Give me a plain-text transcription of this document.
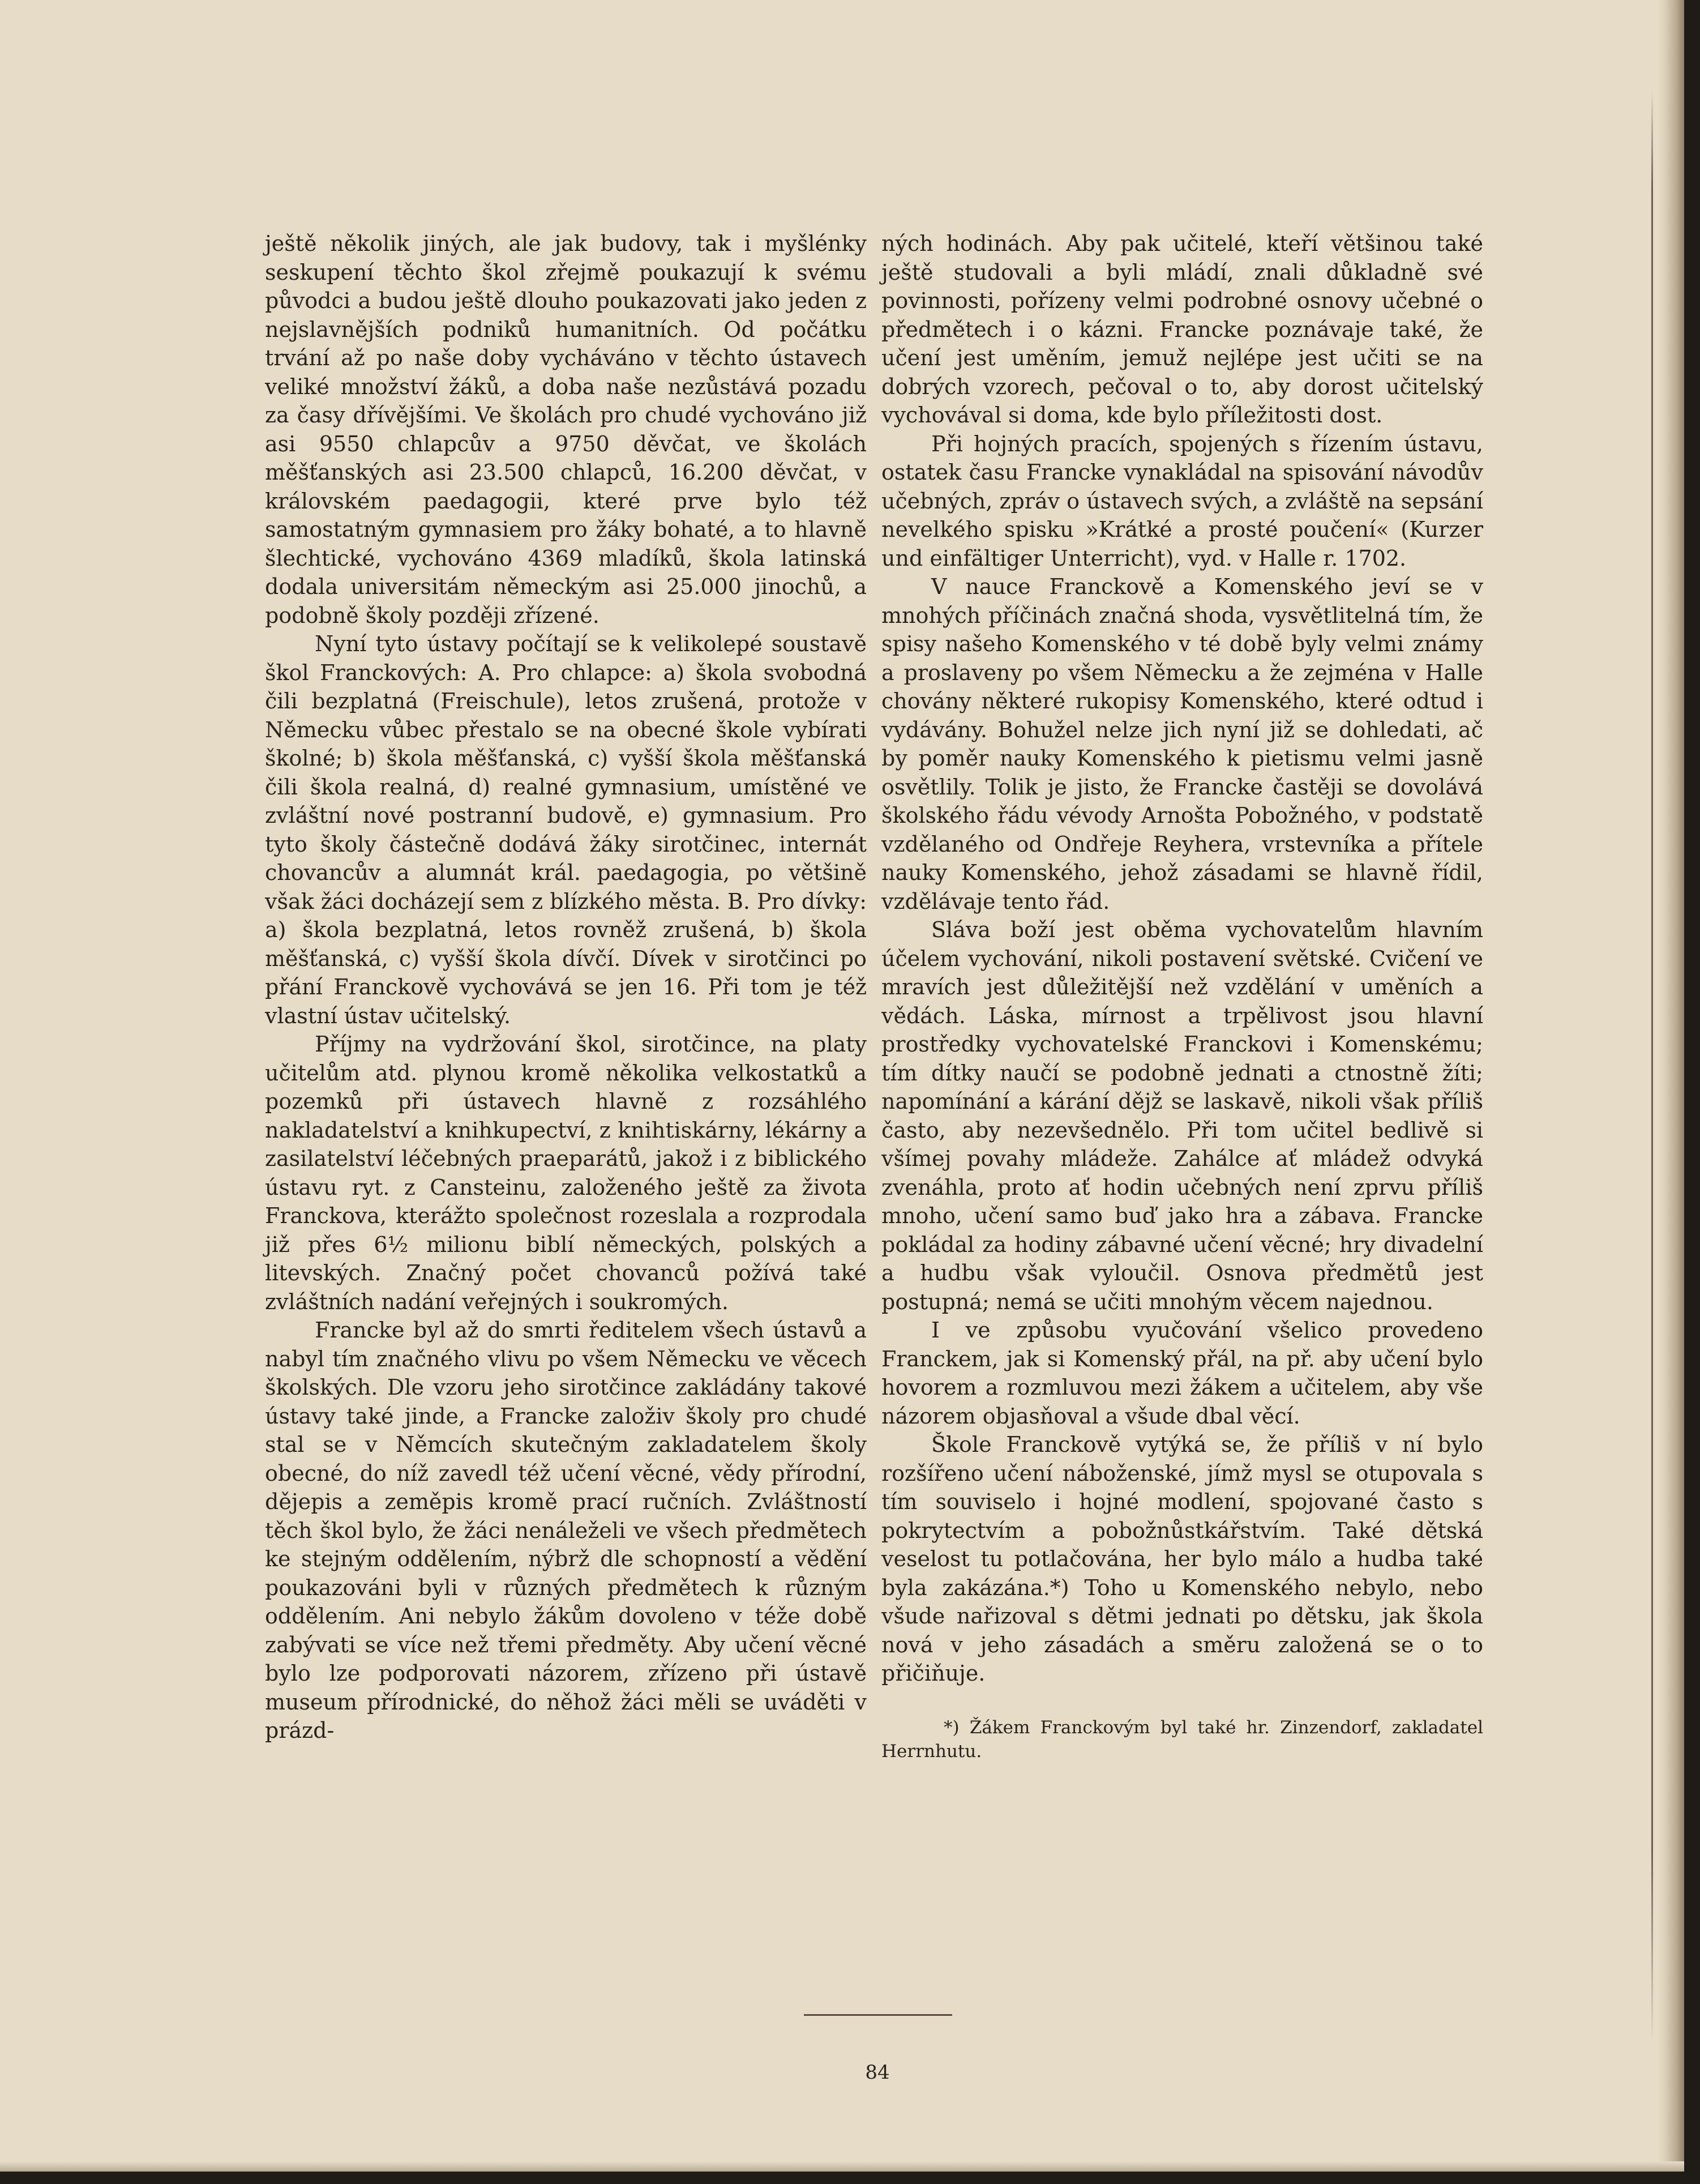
ještě několik jiných, ale jak budovy, tak i myšlénky seskupení těchto škol zřejmě poukazují k svému původci a budou ještě dlouho poukazovati jako jeden z nejslavnějších podniků humanitních. Od počátku trvání až po naše doby vycháváno v těchto ústavech veliké množství žáků, a doba naše nezůstává pozadu za časy dřívějšími. Ve školách pro chudé vychováno již asi 9550 chlapcův a 9750 děvčat, ve školách měšťanských asi 23.500 chlapců, 16.200 děvčat, v královském paedagogii, které prve bylo též samostatným gymnasiem pro žáky bohaté, a to hlavně šlechtické, vychováno 4369 mladíků, škola latinská dodala universitám německým asi 25.000 jinochů, a podobně školy později zřízené.

Nyní tyto ústavy počítají se k velikolepé soustavě škol Franckových: A. Pro chlapce: a) škola svobodná čili bezplatná (Freischule), letos zrušená, protože v Německu vůbec přestalo se na obecné škole vybírati školné; b) škola měšťanská, c) vyšší škola měšťanská čili škola realná, d) realné gymnasium, umístěné ve zvláštní nové postranní budově, e) gymnasium. Pro tyto školy částečně dodává žáky sirotčinec, internát chovancův a alumnát král. paedagogia, po většině však žáci docházejí sem z blízkého města. B. Pro dívky: a) škola bezplatná, letos rovněž zrušená, b) škola měšťanská, c) vyšší škola dívčí. Dívek v sirotčinci po přání Franckově vychovává se jen 16. Při tom je též vlastní ústav učitelský.

Příjmy na vydržování škol, sirotčince, na platy učitelům atd. plynou kromě několika velkostatků a pozemků při ústavech hlavně z rozsáhlého nakladatelství a knihkupectví, z knihtiskárny, lékárny a zasilatelství léčebných praeparátů, jakož i z biblického ústavu ryt. z Cansteinu, založeného ještě za života Franckova, kterážto společnost rozeslala a rozprodala již přes 6½ milionu biblí německých, polských a litevských. Značný počet chovanců požívá také zvláštních nadání veřejných i soukromých.

Francke byl až do smrti ředitelem všech ústavů a nabyl tím značného vlivu po všem Německu ve věcech školských. Dle vzoru jeho sirotčince zakládány takové ústavy také jinde, a Francke založiv školy pro chudé stal se v Němcích skutečným zakladatelem školy obecné, do níž zavedl též učení věcné, vědy přírodní, dějepis a zeměpis kromě prací ručních. Zvláštností těch škol bylo, že žáci nenáleželi ve všech předmětech ke stejným oddělením, nýbrž dle schopností a vědění poukazováni byli v různých předmětech k různým oddělením. Ani nebylo žákům dovoleno v téže době zabývati se více než třemi předměty. Aby učení věcné bylo lze podporovati názorem, zřízeno při ústavě museum přírodnické, do něhož žáci měli se uváděti v prázd-

ných hodinách. Aby pak učitelé, kteří většinou také ještě studovali a byli mládí, znali důkladně své povinnosti, pořízeny velmi podrobné osnovy učebné o předmětech i o kázni. Francke poznávaje také, že učení jest uměním, jemuž nejlépe jest učiti se na dobrých vzorech, pečoval o to, aby dorost učitelský vychovával si doma, kde bylo příležitosti dost.

Při hojných pracích, spojených s řízením ústavu, ostatek času Francke vynakládal na spisování návodův učebných, zpráv o ústavech svých, a zvláště na sepsání nevelkého spisku »Krátké a prosté poučení« (Kurzer und einfältiger Unterricht), vyd. v Halle r. 1702.

V nauce Franckově a Komenského jeví se v mnohých příčinách značná shoda, vysvětlitelná tím, že spisy našeho Komenského v té době byly velmi známy a proslaveny po všem Německu a že zejména v Halle chovány některé rukopisy Komenského, které odtud i vydávány. Bohužel nelze jich nyní již se dohledati, ač by poměr nauky Komenského k pietismu velmi jasně osvětlily. Tolik je jisto, že Francke častěji se dovolává školského řádu vévody Arnošta Pobožného, v podstatě vzdělaného od Ondřeje Reyhera, vrstevníka a přítele nauky Komenského, jehož zásadami se hlavně řídil, vzdělávaje tento řád.

Sláva boží jest oběma vychovatelům hlavním účelem vychování, nikoli postavení světské. Cvičení ve mravích jest důležitější než vzdělání v uměních a vědách. Láska, mírnost a trpělivost jsou hlavní prostředky vychovatelské Franckovi i Komenskému; tím dítky naučí se podobně jednati a ctnostně žíti; napomínání a kárání dějž se laskavě, nikoli však příliš často, aby nezevšednělo. Při tom učitel bedlivě si všímej povahy mládeže. Zahálce ať mládež odvyká zvenáhla, proto ať hodin učebných není zprvu příliš mnoho, učení samo buď jako hra a zábava. Francke pokládal za hodiny zábavné učení věcné; hry divadelní a hudbu však vyloučil. Osnova předmětů jest postupná; nemá se učiti mnohým věcem najednou.

I ve způsobu vyučování všelico provedeno Franckem, jak si Komenský přál, na př. aby učení bylo hovorem a rozmluvou mezi žákem a učitelem, aby vše názorem objasňoval a všude dbal věcí.

Škole Franckově vytýká se, že příliš v ní bylo rozšířeno učení náboženské, jímž mysl se otupovala s tím souviselo i hojné modlení, spojované často s pokrytectvím a pobožnůstkářstvím. Také dětská veselost tu potlačována, her bylo málo a hudba také byla zakázána.*) Toho u Komenského nebylo, nebo všude nařizoval s dětmi jednati po dětsku, jak škola nová v jeho zásadách a směru založená se o to přičiňuje.

*) Žákem Franckovým byl také hr. Zinzendorf, zakladatel Herrnhutu.
84
